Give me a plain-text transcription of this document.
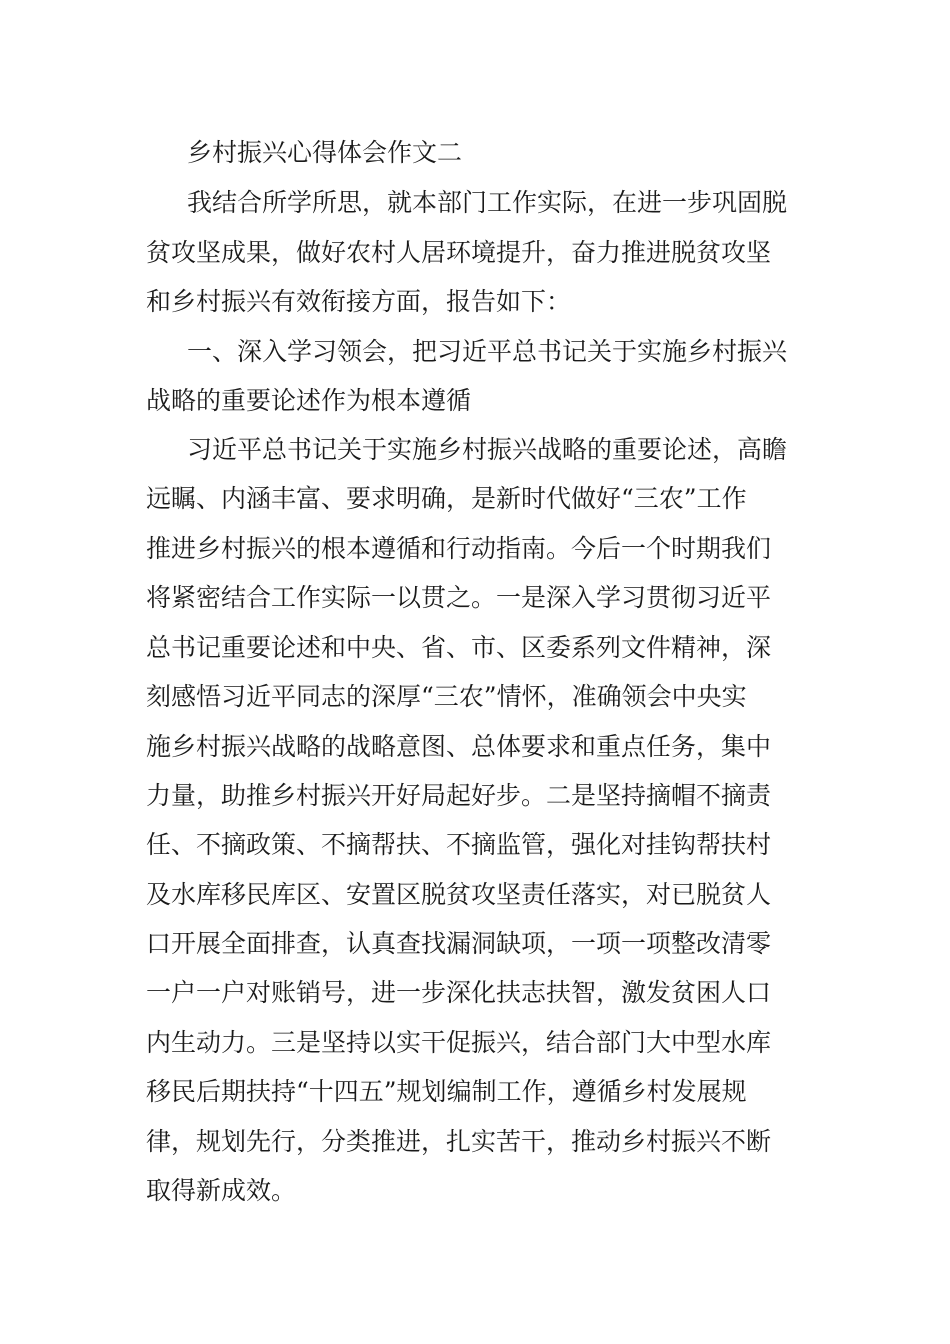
乡村振兴心得体会作文二
我结合所学所思，就本部门工作实际，在进一步巩固脱
贫攻坚成果，做好农村人居环境提升，奋力推进脱贫攻坚
和乡村振兴有效衔接方面，报告如下：
一、深入学习领会，把习近平总书记关于实施乡村振兴
战略的重要论述作为根本遵循
习近平总书记关于实施乡村振兴战略的重要论述，高瞻
远瞩、内涵丰富、要求明确，是新时代做好“三农”工作
推进乡村振兴的根本遵循和行动指南。今后一个时期我们
将紧密结合工作实际一以贯之。一是深入学习贯彻习近平
总书记重要论述和中央、省、市、区委系列文件精神，深
刻感悟习近平同志的深厚“三农”情怀，准确领会中央实
施乡村振兴战略的战略意图、总体要求和重点任务，集中
力量，助推乡村振兴开好局起好步。二是坚持摘帽不摘责
任、不摘政策、不摘帮扶、不摘监管，强化对挂钩帮扶村
及水库移民库区、安置区脱贫攻坚责任落实，对已脱贫人
口开展全面排查，认真查找漏洞缺项，一项一项整改清零
一户一户对账销号，进一步深化扶志扶智，激发贫困人口
内生动力。三是坚持以实干促振兴，结合部门大中型水库
移民后期扶持“十四五”规划编制工作，遵循乡村发展规
律，规划先行，分类推进，扎实苦干，推动乡村振兴不断
取得新成效。
